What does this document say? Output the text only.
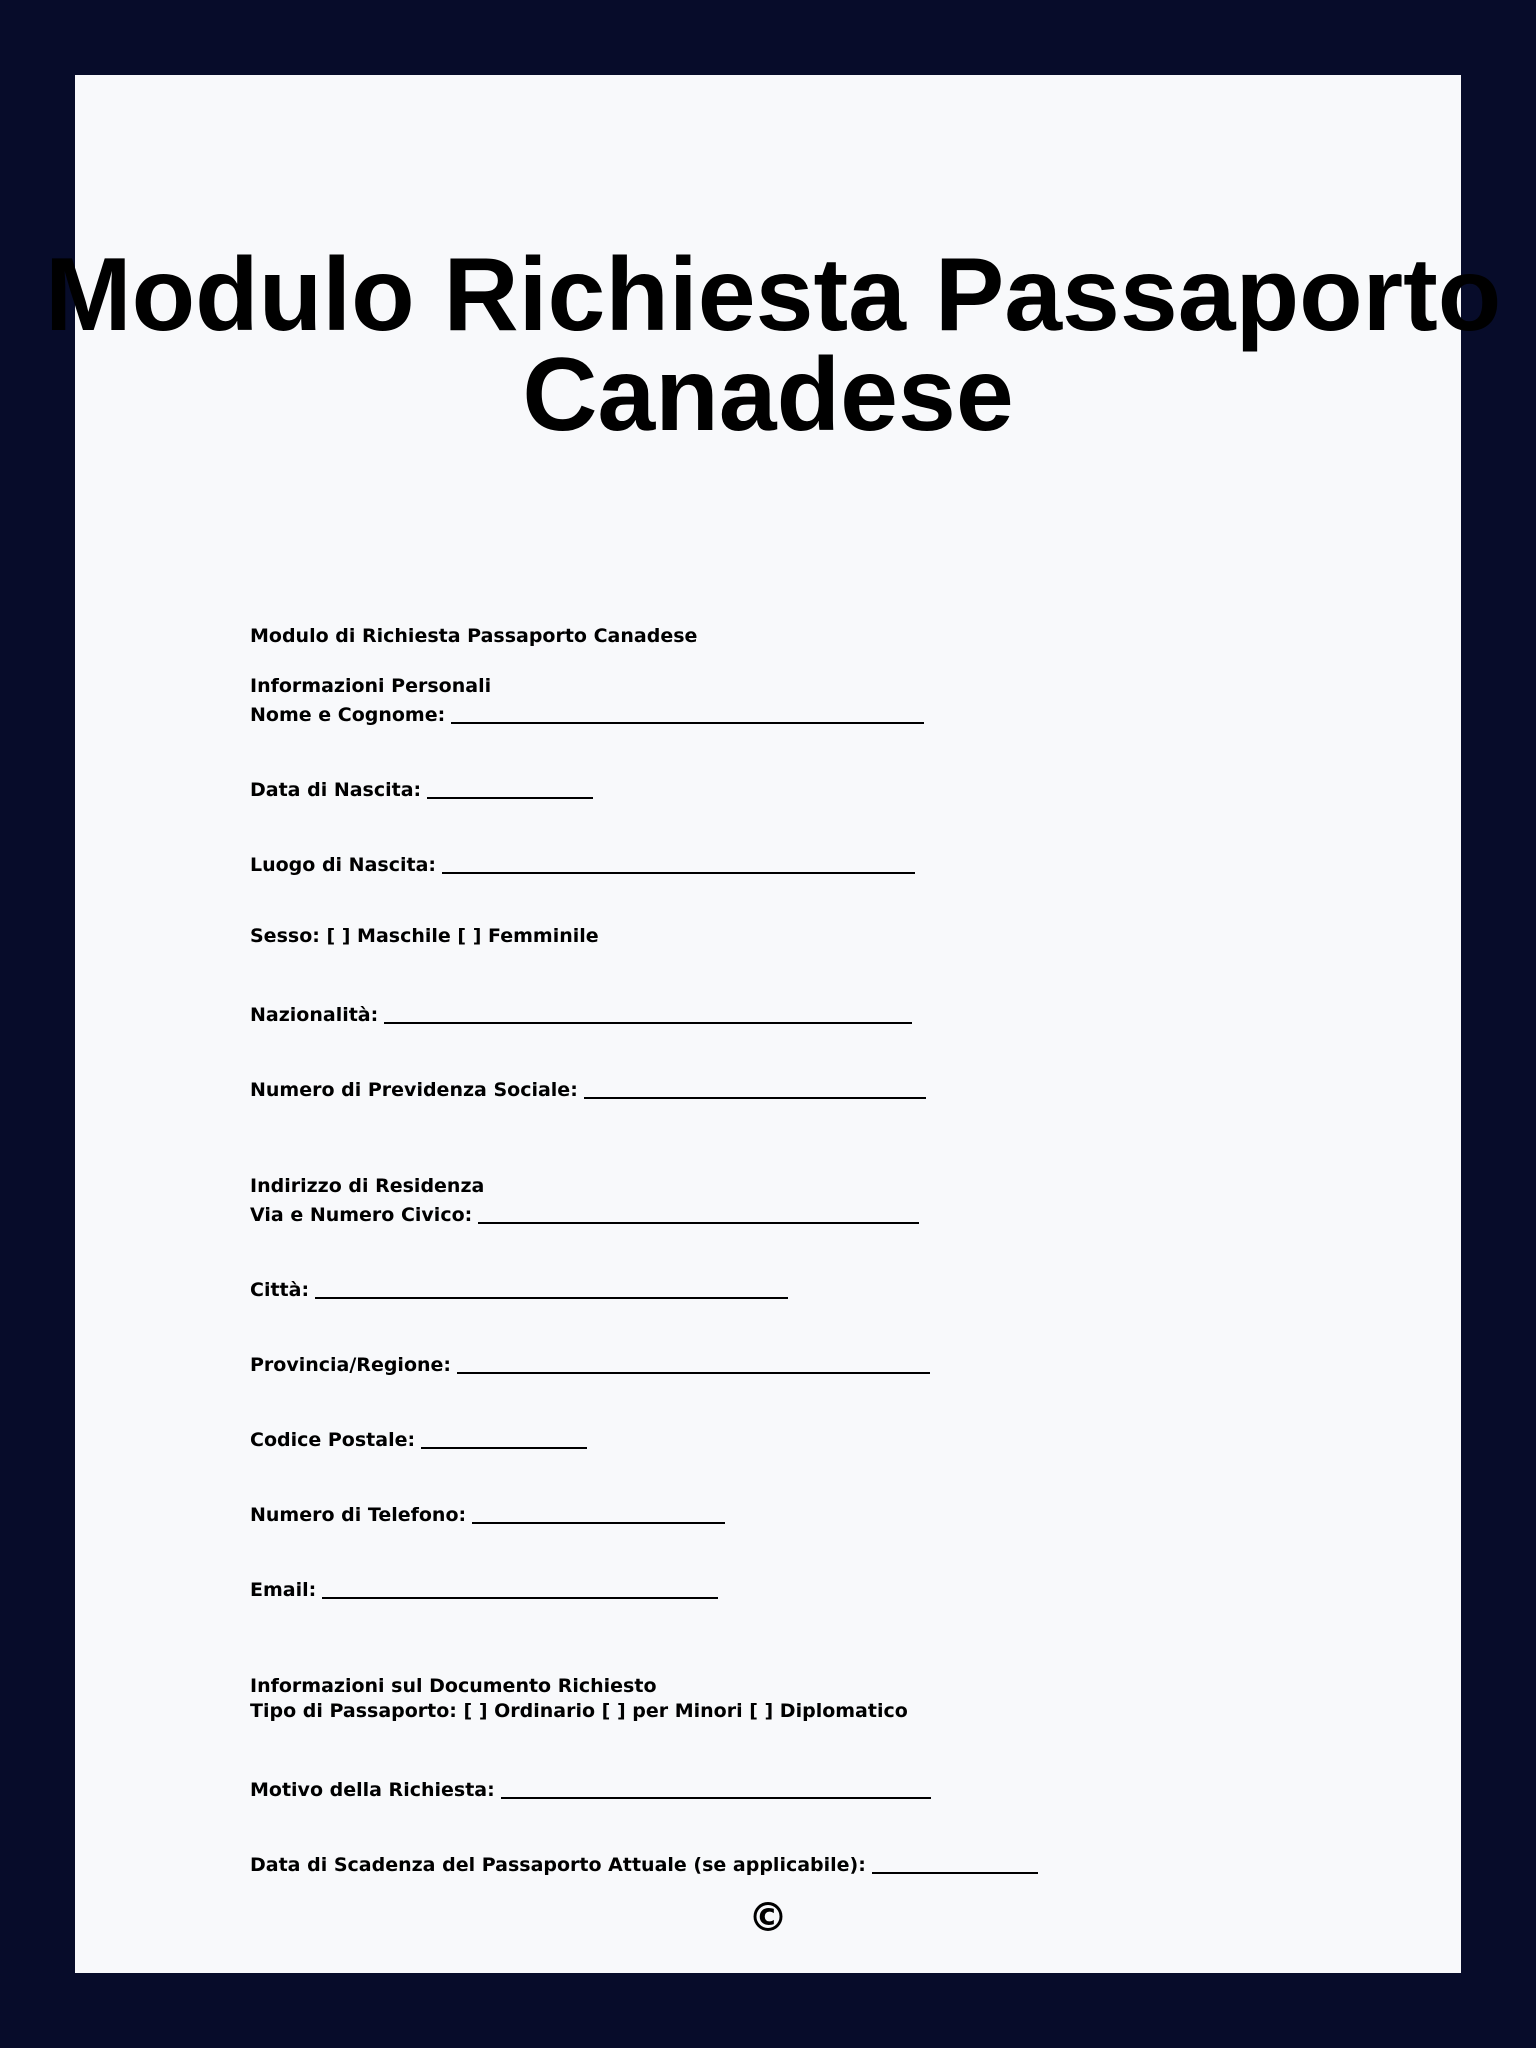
Modulo Richiesta Passaporto
Canadese
Modulo di Richiesta Passaporto Canadese
Informazioni Personali
Nome e Cognome:
Data di Nascita:
Luogo di Nascita:
Sesso: [ ] Maschile [ ] Femminile
Nazionalità:
Numero di Previdenza Sociale:
Indirizzo di Residenza
Via e Numero Civico:
Città:
Provincia/Regione:
Codice Postale:
Numero di Telefono:
Email:
Informazioni sul Documento Richiesto
Tipo di Passaporto: [ ] Ordinario [ ] per Minori [ ] Diplomatico
Motivo della Richiesta:
Data di Scadenza del Passaporto Attuale (se applicabile):
©
